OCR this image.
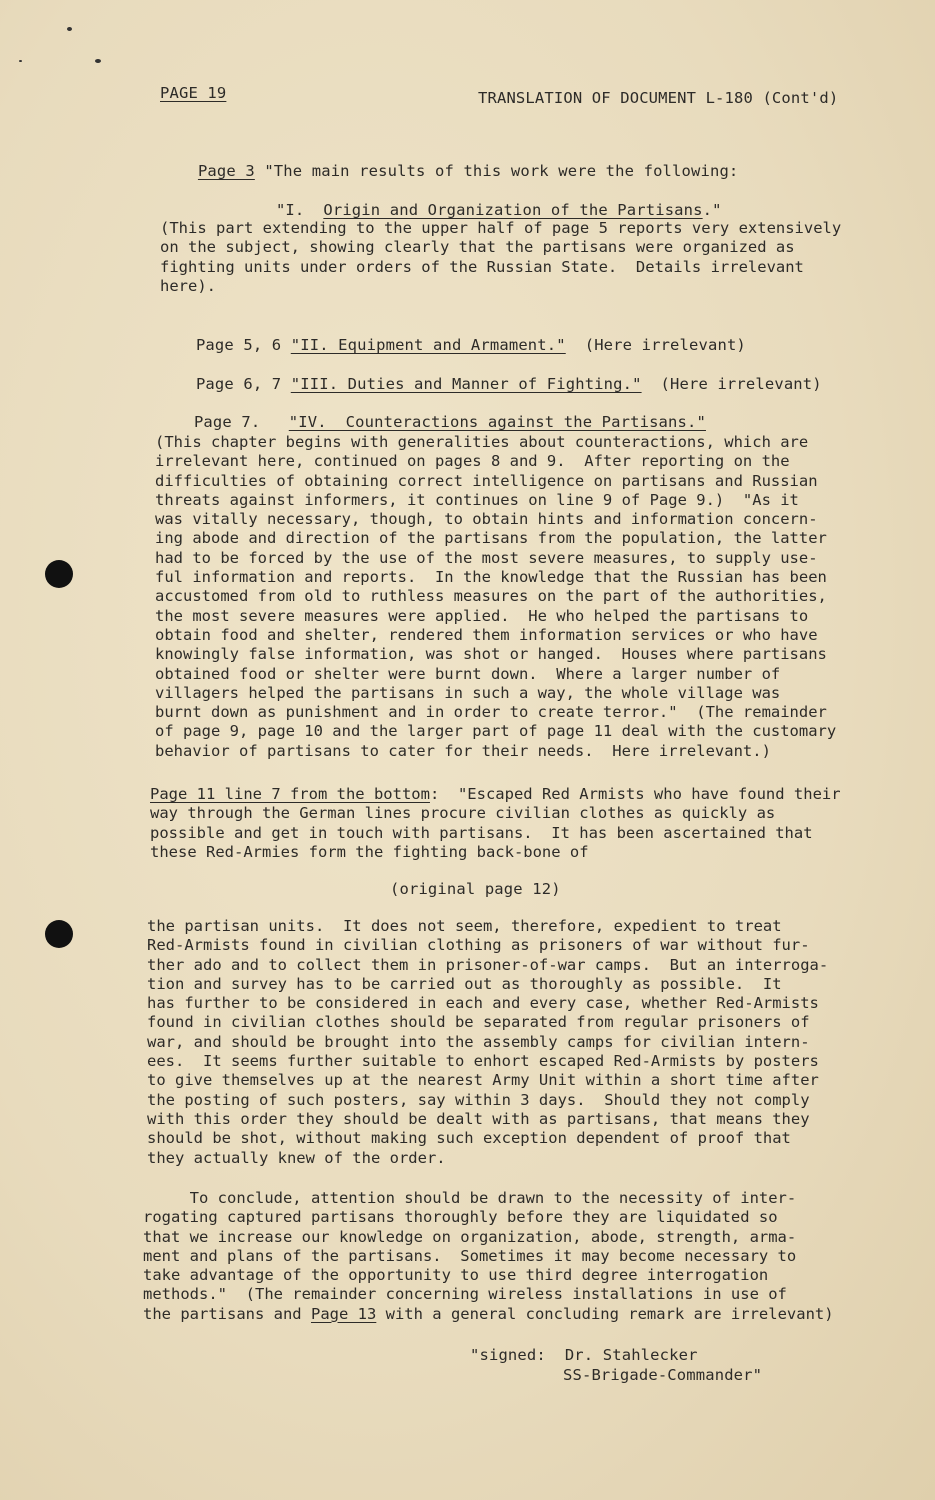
PAGE 19	TRANSLATION OF DOCUMENT L-180 (Cont'd)

Page 3 "The main results of this work were the following:

"I.  Origin and Organization of the Partisans."

(This part extending to the upper half of page 5 reports very extensively
on the subject, showing clearly that the partisans were organized as
fighting units under orders of the Russian State.  Details irrelevant
here).

Page 5, 6 "II. Equipment and Armament."  (Here irrelevant)

Page 6, 7 "III. Duties and Manner of Fighting."  (Here irrelevant)

Page 7.   "IV.  Counteractions against the Partisans."

(This chapter begins with generalities about counteractions, which are
irrelevant here, continued on pages 8 and 9.  After reporting on the
difficulties of obtaining correct intelligence on partisans and Russian
threats against informers, it continues on line 9 of Page 9.)  "As it
was vitally necessary, though, to obtain hints and information concern-
ing abode and direction of the partisans from the population, the latter
had to be forced by the use of the most severe measures, to supply use-
ful information and reports.  In the knowledge that the Russian has been
accustomed from old to ruthless measures on the part of the authorities,
the most severe measures were applied.  He who helped the partisans to
obtain food and shelter, rendered them information services or who have
knowingly false information, was shot or hanged.  Houses where partisans
obtained food or shelter were burnt down.  Where a larger number of
villagers helped the partisans in such a way, the whole village was
burnt down as punishment and in order to create terror."  (The remainder
of page 9, page 10 and the larger part of page 11 deal with the customary
behavior of partisans to cater for their needs.  Here irrelevant.)
Page 11 line 7 from the bottom:  "Escaped Red Armists who have found their
way through the German lines procure civilian clothes as quickly as
possible and get in touch with partisans.  It has been ascertained that
these Red-Armies form the fighting back-bone of
(original page 12)
the partisan units.  It does not seem, therefore, expedient to treat
Red-Armists found in civilian clothing as prisoners of war without fur-
ther ado and to collect them in prisoner-of-war camps.  But an interroga-
tion and survey has to be carried out as thoroughly as possible.  It
has further to be considered in each and every case, whether Red-Armists
found in civilian clothes should be separated from regular prisoners of
war, and should be brought into the assembly camps for civilian intern-
ees.  It seems further suitable to enhort escaped Red-Armists by posters
to give themselves up at the nearest Army Unit within a short time after
the posting of such posters, say within 3 days.  Should they not comply
with this order they should be dealt with as partisans, that means they
should be shot, without making such exception dependent of proof that
they actually knew of the order.
To conclude, attention should be drawn to the necessity of inter-
rogating captured partisans thoroughly before they are liquidated so
that we increase our knowledge on organization, abode, strength, arma-
ment and plans of the partisans.  Sometimes it may become necessary to
take advantage of the opportunity to use third degree interrogation
methods."  (The remainder concerning wireless installations in use of
the partisans and Page 13 with a general concluding remark are irrelevant)
"signed:  Dr. Stahlecker
SS-Brigade-Commander"
